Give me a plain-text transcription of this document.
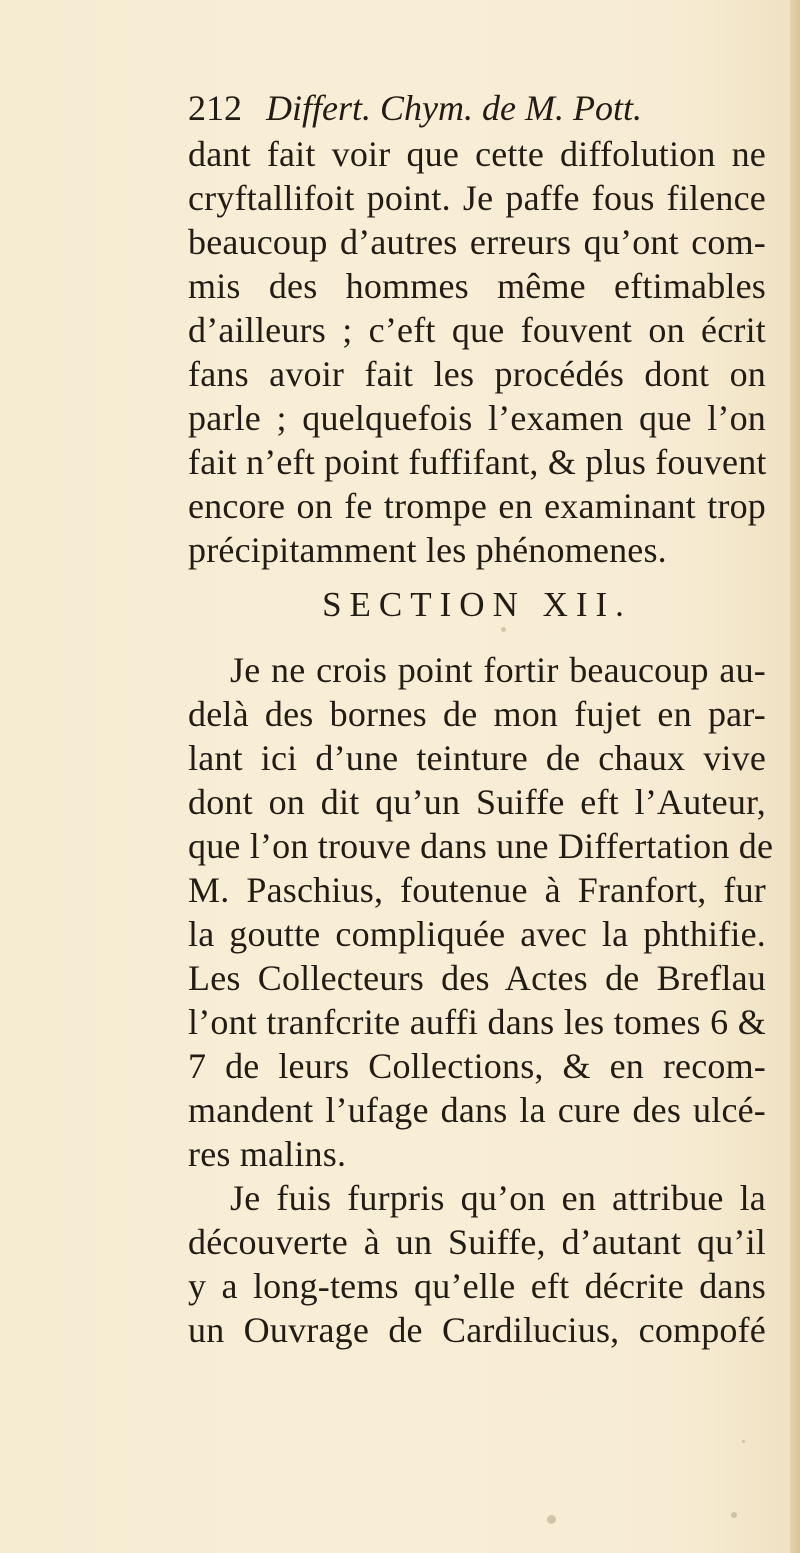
212 Differt. Chym. de M. Pott.
dant fait voir que cette diffolution ne
cryftallifoit point. Je paffe fous filence
beaucoup d’autres erreurs qu’ont com-
mis des hommes même eftimables
d’ailleurs ; c’eft que fouvent on écrit
fans avoir fait les procédés dont on
parle ; quelquefois l’examen que l’on
fait n’eft point fuffifant, & plus fouvent
encore on fe trompe en examinant trop
précipitamment les phénomenes.
SECTION XII.
Je ne crois point fortir beaucoup au-
delà des bornes de mon fujet en par-
lant ici d’une teinture de chaux vive
dont on dit qu’un Suiffe eft l’Auteur,
que l’on trouve dans une Differtation de
M. Paschius, foutenue à Franfort, fur
la goutte compliquée avec la phthifie.
Les Collecteurs des Actes de Breflau
l’ont tranfcrite auffi dans les tomes 6 &
7 de leurs Collections, & en recom-
mandent l’ufage dans la cure des ulcé-
res malins.
Je fuis furpris qu’on en attribue la
découverte à un Suiffe, d’autant qu’il
y a long-tems qu’elle eft décrite dans
un Ouvrage de Cardilucius, compofé
